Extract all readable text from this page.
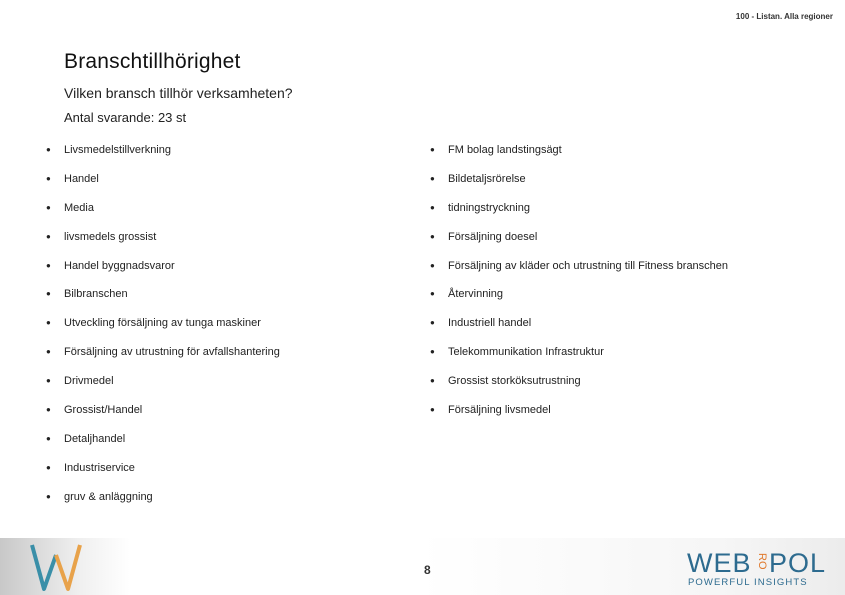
100 - Listan. Alla regioner
Branschtillhörighet
Vilken bransch tillhör verksamheten?
Antal svarande: 23 st
● Livsmedelstillverkning
● Handel
● Media
● livsmedels grossist
● Handel byggnadsvaror
● Bilbranschen
● Utveckling försäljning av tunga maskiner
● Försäljning av utrustning för avfallshantering
● Drivmedel
● Grossist/Handel
● Detaljhandel
● Industriservice
● gruv & anläggning
● FM bolag landstingsägt
● Bildetaljsrörelse
● tidningstryckning
● Försäljning doesel
● Försäljning av kläder och utrustning till Fitness branschen
● Återvinning
● Industriell handel
● Telekommunikation Infrastruktur
● Grossist storköksutrustning
● Försäljning livsmedel
8	WEB RO POL
POWERFUL INSIGHTS
